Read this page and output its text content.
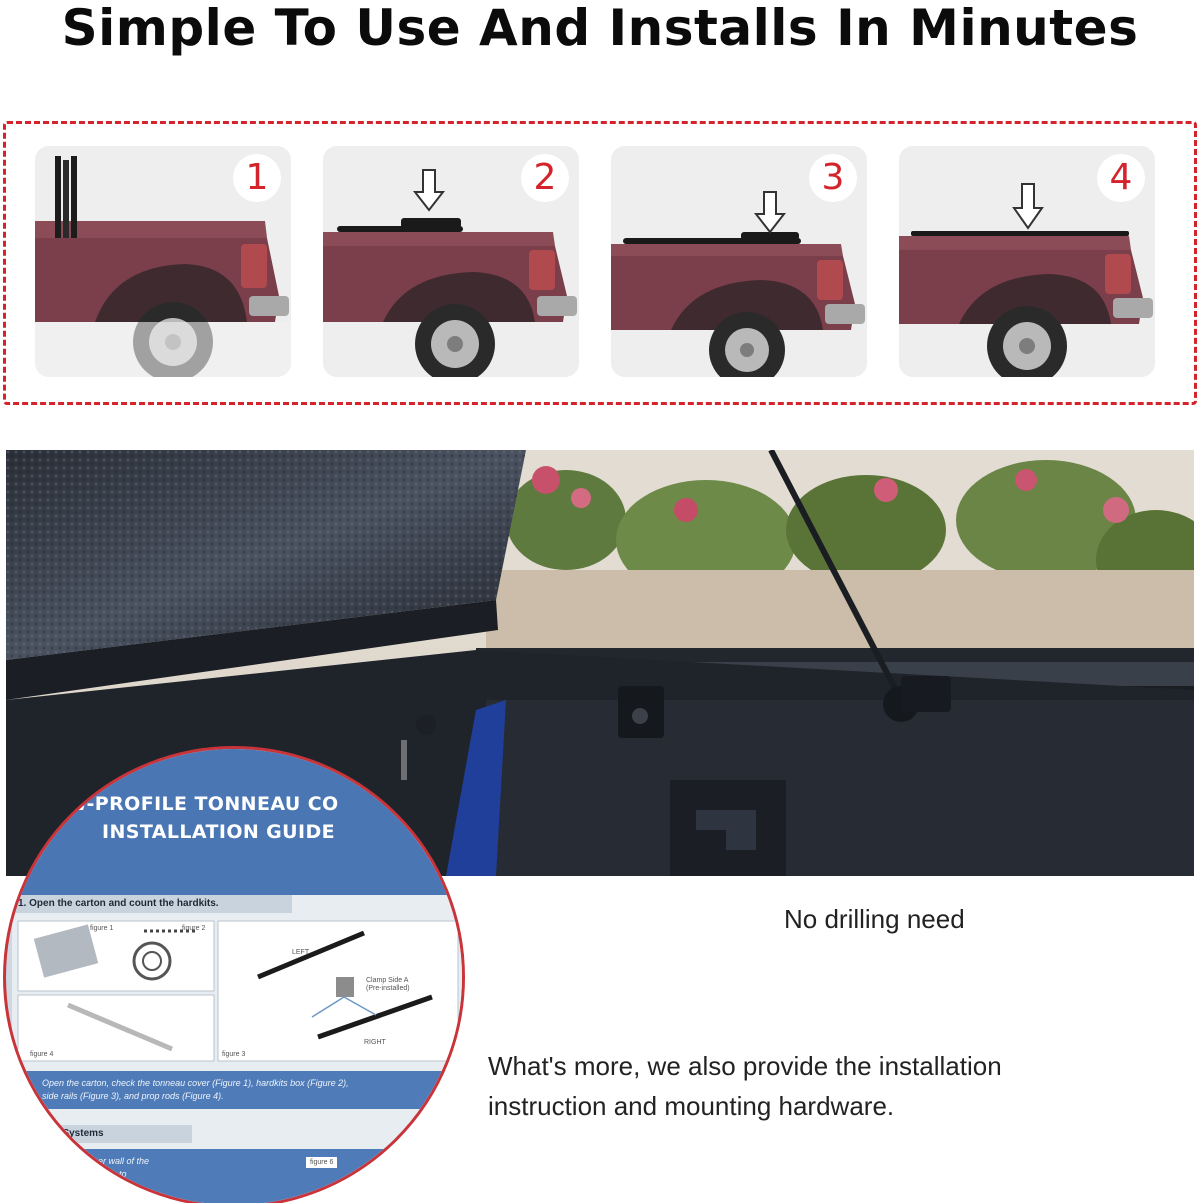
Simple To Use And Installs In Minutes
1	2	3	4
W-PROFILE TONNEAU CO
INSTALLATION GUIDE
1. Open the carton and count the hardkits.
figure 1	figure 2
figure 3
figure 4
LEFT
RIGHT
Clamp Side A
(Pre-installed)
Open the carton, check the tonneau cover (Figure 1), hardkits box (Figure 2),
side rails (Figure 3), and prop rods (Figure 4).
lling Rail Systems
ides of the inner wall of the
side rails are close to
figure 6
No drilling need
What's more, we also provide the installation instruction and mounting hardware.
